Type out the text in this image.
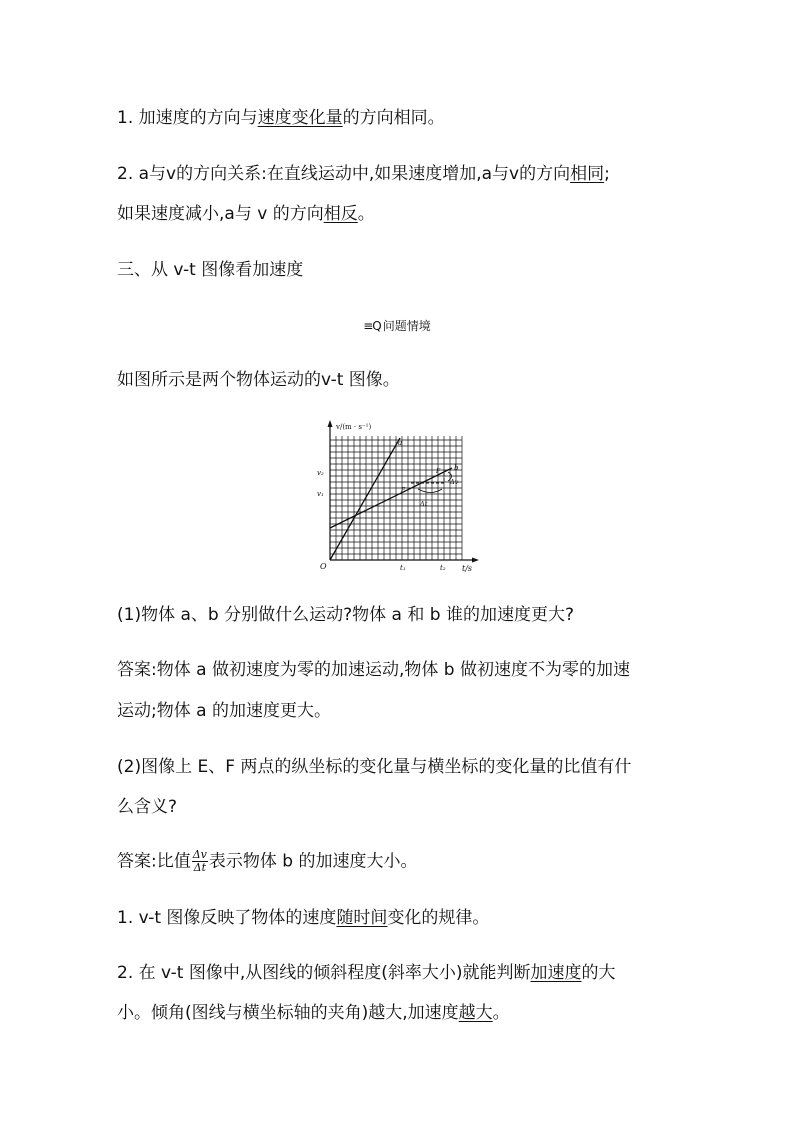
1. 加速度的方向与速度变化量的方向相同。
2. a与v的方向关系:在直线运动中,如果速度增加,a与v的方向相同;
如果速度减小,a与 v 的方向相反。
三、从 v-t 图像看加速度
≡Q 问题情境
如图所示是两个物体运动的v-t 图像。
v/(m · s⁻¹)
t/s
O
v₂
v₁
t₁	t₂
a
b
E
F
Δv
Δt
(1)物体 a、b 分别做什么运动?物体 a 和 b 谁的加速度更大?
答案:物体 a 做初速度为零的加速运动,物体 b 做初速度不为零的加速
运动;物体 a 的加速度更大。
(2)图像上 E、F 两点的纵坐标的变化量与横坐标的变化量的比值有什
么含义?
答案:比值 $\frac{\Delta v}{\Delta t}$ 表示物体 b 的加速度大小。
1. v-t 图像反映了物体的速度随时间变化的规律。
2. 在 v-t 图像中,从图线的倾斜程度(斜率大小)就能判断加速度的大
小。倾角(图线与横坐标轴的夹角)越大,加速度越大。
